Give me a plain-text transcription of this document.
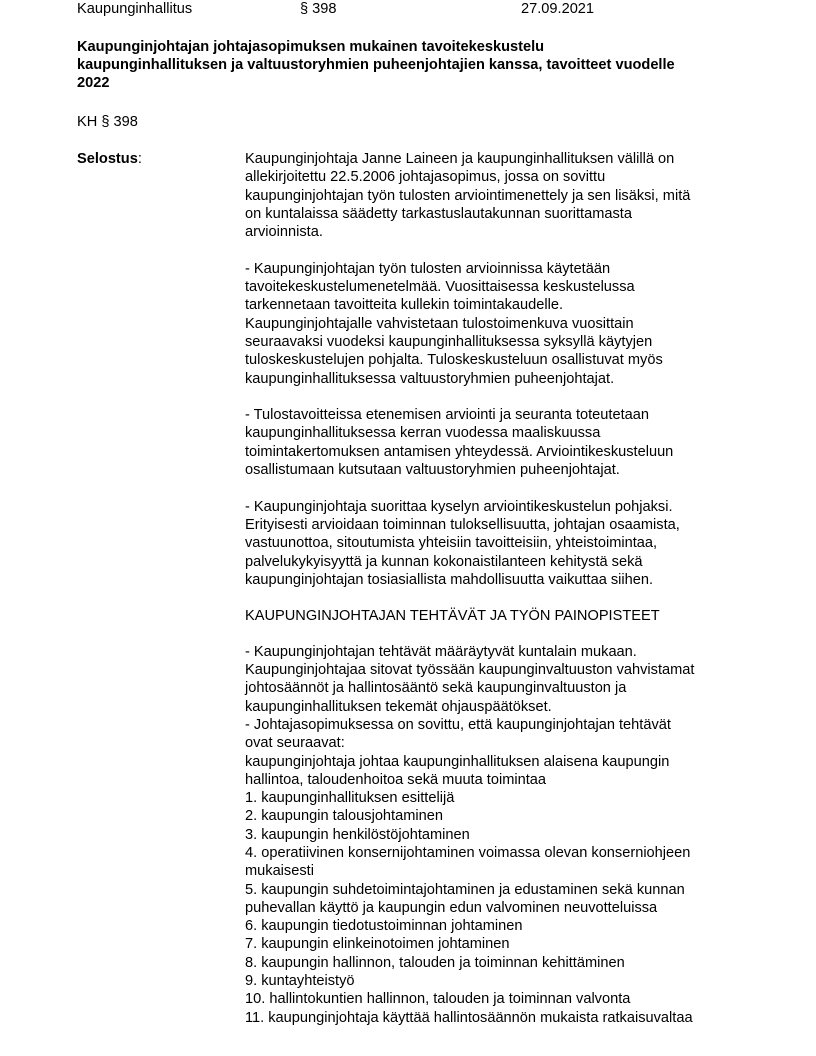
Kaupunginhallitus	§ 398	27.09.2021
Kaupunginjohtajan johtajasopimuksen mukainen tavoitekeskustelu
kaupunginhallituksen ja valtuustoryhmien puheenjohtajien kanssa, tavoitteet vuodelle
2022
KH § 398
Selostus:	Kaupunginjohtaja Janne Laineen ja kaupunginhallituksen välillä on
allekirjoitettu 22.5.2006 johtajasopimus, jossa on sovittu
kaupunginjohtajan työn tulosten arviointimenettely ja sen lisäksi, mitä
on kuntalaissa säädetty tarkastuslautakunnan suorittamasta
arvioinnista.
- Kaupunginjohtajan työn tulosten arvioinnissa käytetään
tavoitekeskustelumenetelmää. Vuosittaisessa keskustelussa
tarkennetaan tavoitteita kullekin toimintakaudelle.
Kaupunginjohtajalle vahvistetaan tulostoimenkuva vuosittain
seuraavaksi vuodeksi kaupunginhallituksessa syksyllä käytyjen
tuloskeskustelujen pohjalta. Tuloskeskusteluun osallistuvat myös
kaupunginhallituksessa valtuustoryhmien puheenjohtajat.
- Tulostavoitteissa etenemisen arviointi ja seuranta toteutetaan
kaupunginhallituksessa kerran vuodessa maaliskuussa
toimintakertomuksen antamisen yhteydessä. Arviointikeskusteluun
osallistumaan kutsutaan valtuustoryhmien puheenjohtajat.
- Kaupunginjohtaja suorittaa kyselyn arviointikeskustelun pohjaksi.
Erityisesti arvioidaan toiminnan tuloksellisuutta, johtajan osaamista,
vastuunottoa, sitoutumista yhteisiin tavoitteisiin, yhteistoimintaa,
palvelukykyisyyttä ja kunnan kokonaistilanteen kehitystä sekä
kaupunginjohtajan tosiasiallista mahdollisuutta vaikuttaa siihen.
KAUPUNGINJOHTAJAN TEHTÄVÄT JA TYÖN PAINOPISTEET
- Kaupunginjohtajan tehtävät määräytyvät kuntalain mukaan.
Kaupunginjohtajaa sitovat työssään kaupunginvaltuuston vahvistamat
johtosäännöt ja hallintosääntö sekä kaupunginvaltuuston ja
kaupunginhallituksen tekemät ohjauspäätökset.
- Johtajasopimuksessa on sovittu, että kaupunginjohtajan tehtävät
ovat seuraavat:
kaupunginjohtaja johtaa kaupunginhallituksen alaisena kaupungin
hallintoa, taloudenhoitoa sekä muuta toimintaa
1. kaupunginhallituksen esittelijä
2. kaupungin talousjohtaminen
3. kaupungin henkilöstöjohtaminen
4. operatiivinen konsernijohtaminen voimassa olevan konserniohjeen
mukaisesti
5. kaupungin suhdetoimintajohtaminen ja edustaminen sekä kunnan
puhevallan käyttö ja kaupungin edun valvominen neuvotteluissa
6. kaupungin tiedotustoiminnan johtaminen
7. kaupungin elinkeinotoimen johtaminen
8. kaupungin hallinnon, talouden ja toiminnan kehittäminen
9. kuntayhteistyö
10. hallintokuntien hallinnon, talouden ja toiminnan valvonta
11. kaupunginjohtaja käyttää hallintosäännön mukaista ratkaisuvaltaa
